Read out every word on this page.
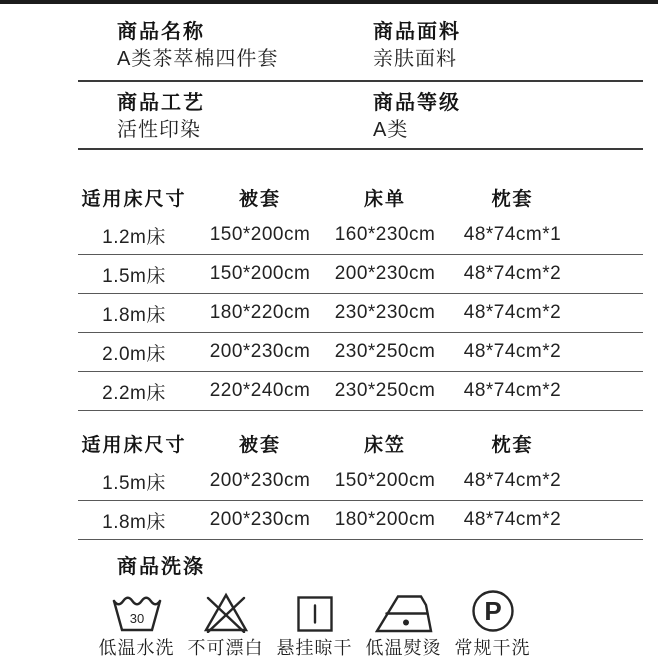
商品名称
A类茶萃棉四件套
商品面料
亲肤面料
商品工艺
活性印染
商品等级
A类
适用床尺寸	被套	床单	枕套
1.2m床	150*200cm	160*230cm	48*74cm*1
1.5m床	150*200cm	200*230cm	48*74cm*2
1.8m床	180*220cm	230*230cm	48*74cm*2
2.0m床	200*230cm	230*250cm	48*74cm*2
2.2m床	220*240cm	230*250cm	48*74cm*2
适用床尺寸	被套	床笠	枕套
1.5m床	200*230cm	150*200cm	48*74cm*2
1.8m床	200*230cm	180*200cm	48*74cm*2
商品洗涤
30
低温水洗 不可漂白 悬挂晾干 低温熨烫
P
常规干洗
